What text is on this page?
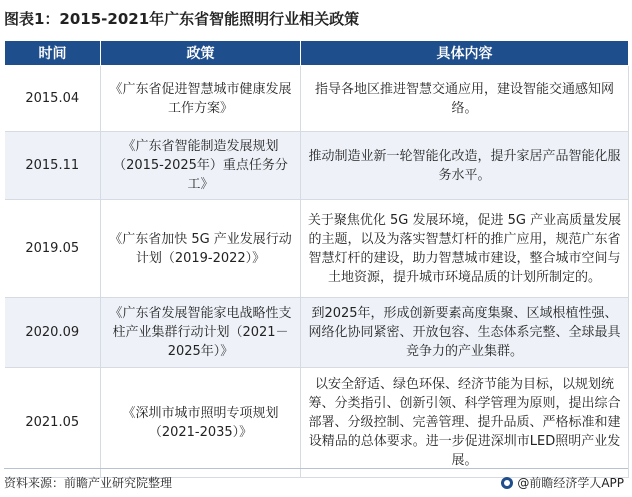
图表1：2015-2021年广东省智能照明行业相关政策
时间	政策	具体内容
2015.04	《广东省促进智慧城市健康发展工作方案》	指导各地区推进智慧交通应用，建设智能交通感知网络。
2015.11	《广东省智能制造发展规划（2015-2025年）重点任务分工》	推动制造业新一轮智能化改造，提升家居产品智能化服务水平。
2019.05	《广东省加快 5G 产业发展行动计划（2019-2022）》	关于聚焦优化 5G 发展环境，促进 5G 产业高质量发展的主题，以及为落实智慧灯杆的推广应用，规范广东省智慧灯杆的建设，助力智慧城市建设，整合城市空间与土地资源，提升城市环境品质的计划所制定的。
2020.09	《广东省发展智能家电战略性支柱产业集群行动计划（2021－2025年）》	到2025年，形成创新要素高度集聚、区域根植性强、网络化协同紧密、开放包容、生态体系完整、全球最具竞争力的产业集群。
2021.05	《深圳市城市照明专项规划（2021-2035）》	以安全舒适、绿色环保、经济节能为目标，以规划统筹、分类指引、创新引领、科学管理为原则，提出综合部署、分级控制、完善管理、提升品质、严格标准和建设精品的总体要求。进一步促进深圳市LED照明产业发展。
资料来源：前瞻产业研究院整理	@前瞻经济学人APP
